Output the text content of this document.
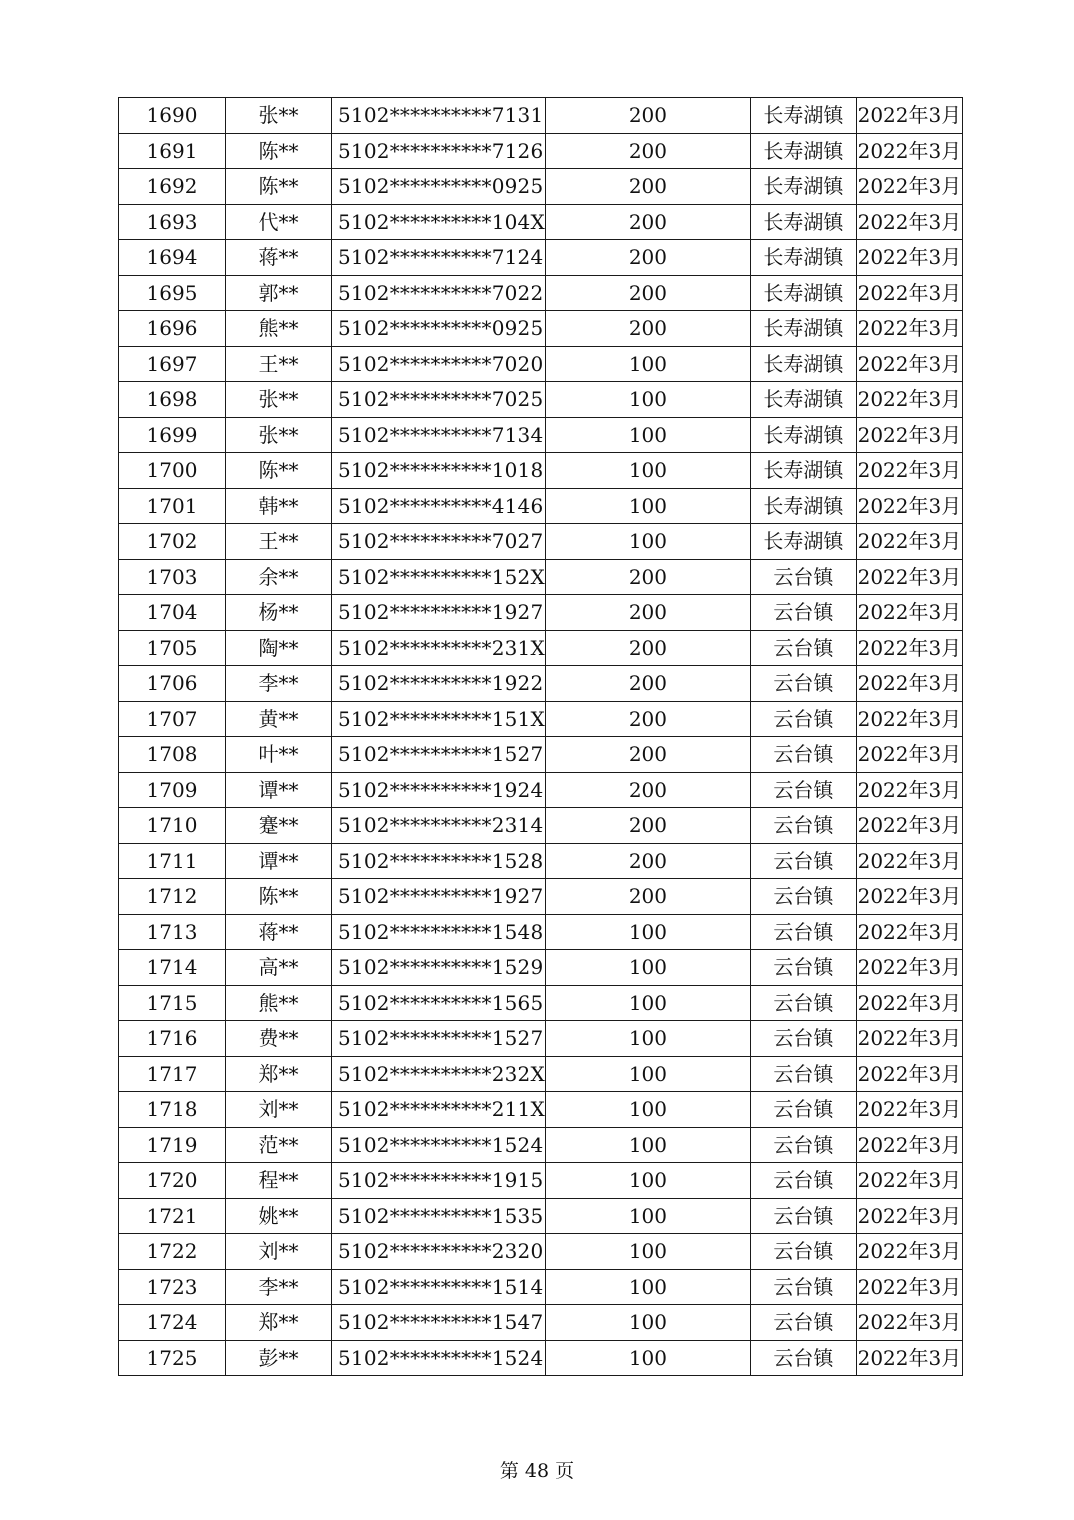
1690	张**	5102**********7131	200	长寿湖镇	2022年3月
1691	陈**	5102**********7126	200	长寿湖镇	2022年3月
1692	陈**	5102**********0925	200	长寿湖镇	2022年3月
1693	代**	5102**********104X	200	长寿湖镇	2022年3月
1694	蒋**	5102**********7124	200	长寿湖镇	2022年3月
1695	郭**	5102**********7022	200	长寿湖镇	2022年3月
1696	熊**	5102**********0925	200	长寿湖镇	2022年3月
1697	王**	5102**********7020	100	长寿湖镇	2022年3月
1698	张**	5102**********7025	100	长寿湖镇	2022年3月
1699	张**	5102**********7134	100	长寿湖镇	2022年3月
1700	陈**	5102**********1018	100	长寿湖镇	2022年3月
1701	韩**	5102**********4146	100	长寿湖镇	2022年3月
1702	王**	5102**********7027	100	长寿湖镇	2022年3月
1703	余**	5102**********152X	200	云台镇	2022年3月
1704	杨**	5102**********1927	200	云台镇	2022年3月
1705	陶**	5102**********231X	200	云台镇	2022年3月
1706	李**	5102**********1922	200	云台镇	2022年3月
1707	黄**	5102**********151X	200	云台镇	2022年3月
1708	叶**	5102**********1527	200	云台镇	2022年3月
1709	谭**	5102**********1924	200	云台镇	2022年3月
1710	蹇**	5102**********2314	200	云台镇	2022年3月
1711	谭**	5102**********1528	200	云台镇	2022年3月
1712	陈**	5102**********1927	200	云台镇	2022年3月
1713	蒋**	5102**********1548	100	云台镇	2022年3月
1714	高**	5102**********1529	100	云台镇	2022年3月
1715	熊**	5102**********1565	100	云台镇	2022年3月
1716	费**	5102**********1527	100	云台镇	2022年3月
1717	郑**	5102**********232X	100	云台镇	2022年3月
1718	刘**	5102**********211X	100	云台镇	2022年3月
1719	范**	5102**********1524	100	云台镇	2022年3月
1720	程**	5102**********1915	100	云台镇	2022年3月
1721	姚**	5102**********1535	100	云台镇	2022年3月
1722	刘**	5102**********2320	100	云台镇	2022年3月
1723	李**	5102**********1514	100	云台镇	2022年3月
1724	郑**	5102**********1547	100	云台镇	2022年3月
1725	彭**	5102**********1524	100	云台镇	2022年3月
第 48 页
